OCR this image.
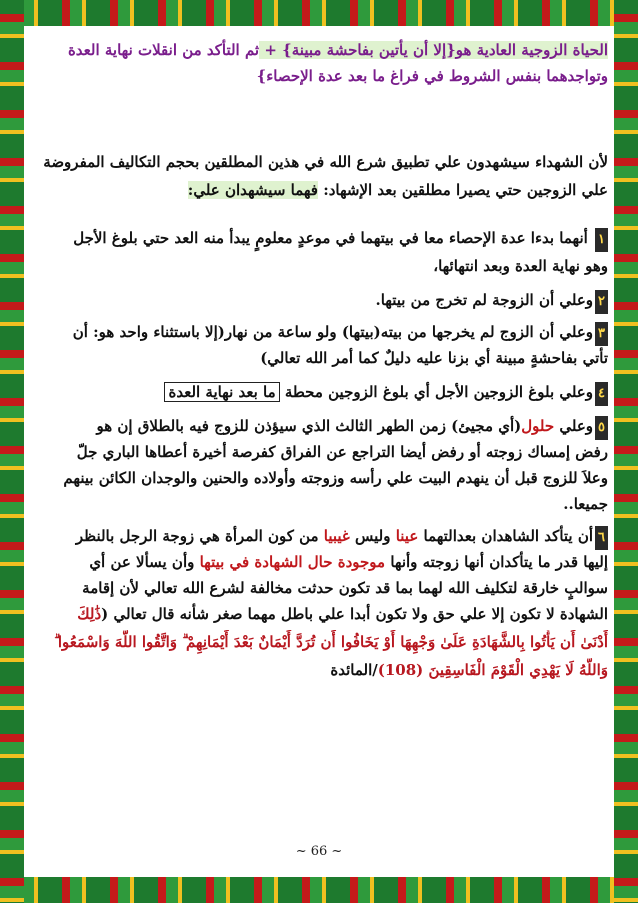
الحياة الزوجية العادية هو{إلا أن يأتين بفاحشة مبينة} + ثم التأكد من انقلات نهاية العدة
وتواجدهما بنفس الشروط في فراغ ما بعد عدة الإحصاء}
لأن الشهداء سيشهدون علي تطبيق شرع الله في هذين المطلقين بحجم التكاليف المفروضة
علي الزوجين حتي يصيرا مطلقين بعد الإشهاد: فهما سيشهدان علي:
١ أنهما بدءا عدة الإحصاء معا في بيتهما في موعدٍ معلومٍ يبدأ منه العد حتي بلوغ الأجل
وهو نهاية العدة وبعد انتهائها،
٢وعلي أن الزوجة لم تخرج من بيتها.
٣وعلي أن الزوج لم يخرجها من بيته(بيتها) ولو ساعة من نهار(إلا باستثناء واحد هو: أن
تأتي بفاحشةٍ مبينة أي بزنا عليه دليلٌ كما أمر الله تعالي)
٤وعلي بلوغ الزوجين الأجل أي بلوغ الزوجين محطة ما بعد نهاية العدة
٥وعلي حلول(أي مجيئ) زمن الطهر الثالث الذي سيؤذن للزوج فيه بالطلاق إن هو
رفض إمساك زوجته أو رفض أيضا التراجع عن الفراق كفرصة أخيرة أعطاها الباري جلّ
وعلاَ للزوج قبل أن ينهدم البيت علي رأسه وزوجته وأولاده والحنين والوجدان الكائن بينهم
جميعا..
٦أن يتأكد الشاهدان بعدالتهما عينا وليس غيبيا من كون المرأة هي زوجة الرجل بالنظر
إليها قدر ما يتأكدان أنها زوجته وأنها موجودة حال الشهادة في بيتها وأن يسألا عن أي
سوالبٍ خارقة لتكليف الله لهما بما قد تكون حدثت مخالفة لشرع الله تعالي لأن إقامة
الشهادة لا تكون إلا علي حق ولا تكون أبدا علي باطل مهما صغر شأنه قال تعالي (ذَٰلِكَ
أَدْنَىٰ أَن يَأْتُوا بِالشَّهَادَةِ عَلَىٰ وَجْهِهَا أَوْ يَخَافُوا أَن تُرَدَّ أَيْمَانٌ بَعْدَ أَيْمَانِهِمْ ۗ وَاتَّقُوا اللَّهَ وَاسْمَعُوا ۗ
وَاللَّهُ لَا يَهْدِي الْقَوْمَ الْفَاسِقِينَ (108)/المائدة
~ 66 ~
